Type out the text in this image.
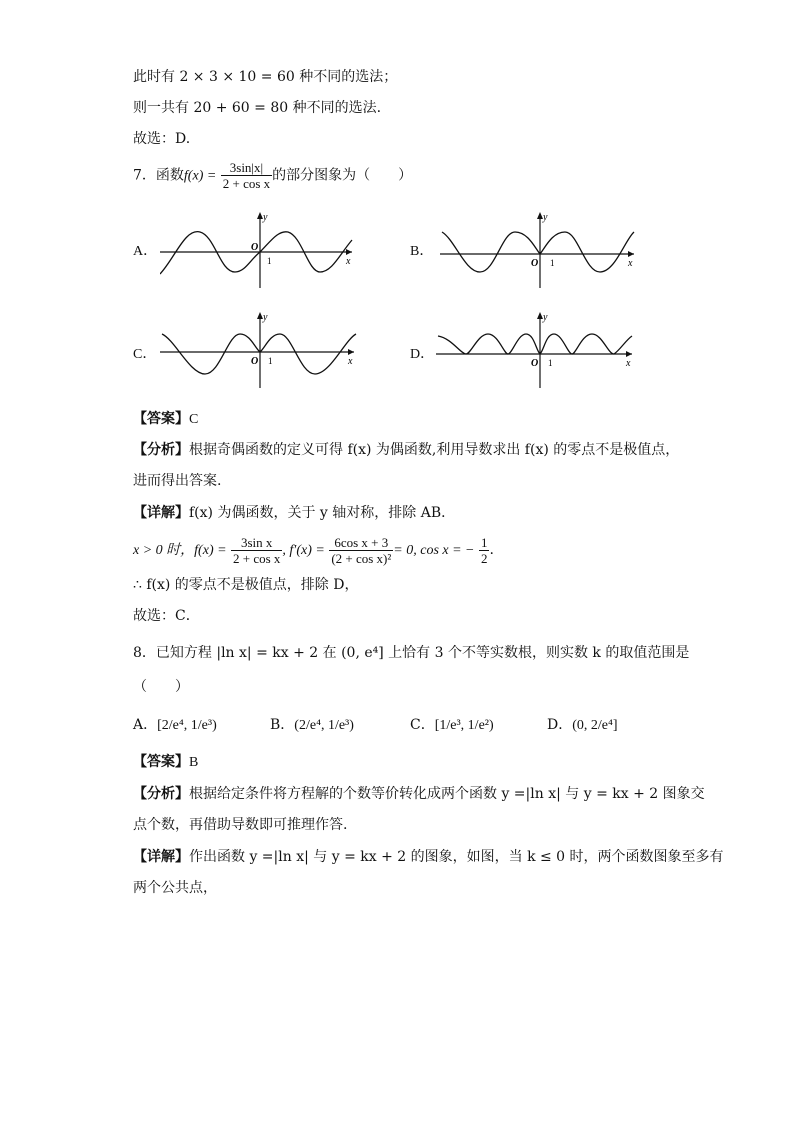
此时有 2 × 3 × 10 = 60 种不同的选法；
则一共有 20 + 60 = 80 种不同的选法.
故选：D.
7．函数$f(x) = \frac{3\sin|x|}{\text{2 + cos x}}$ 的部分图象为（　　）
A．	B．
C．	D．
y
x
O
1
y
x
O 1
y
x
O 1
y
x
O 1
【答案】C
【分析】根据奇偶函数的定义可得 f(x) 为偶函数,利用导数求出 f(x) 的零点不是极值点，
进而得出答案.
【详解】f(x) 为偶函数，关于 y 轴对称，排除 AB．
x > 0 时，$f(x) = \frac{\text{3sin x}}{\text{2 + cos x}}$ , $f'(x) = \frac{\text{6cos x + 3}}{\text{(2 + cos x)²}} = 0$, cos x = − $\frac{1}{2}$ .
∴ f(x) 的零点不是极值点，排除 D，
故选：C．
8．已知方程 |ln x| = kx + 2 在 (0, e⁴] 上恰有 3 个不等实数根，则实数 k 的取值范围是
（　　）
A．[2/e⁴, 1/e³)	B．(2/e⁴, 1/e³)	C．[1/e³, 1/e²)	D．(0, 2/e⁴]
【答案】B
【分析】根据给定条件将方程解的个数等价转化成两个函数 y =|ln x| 与 y = kx + 2 图象交
点个数，再借助导数即可推理作答.
【详解】作出函数 y =|ln x| 与 y = kx + 2 的图象，如图，当 k ≤ 0 时，两个函数图象至多有
两个公共点，
